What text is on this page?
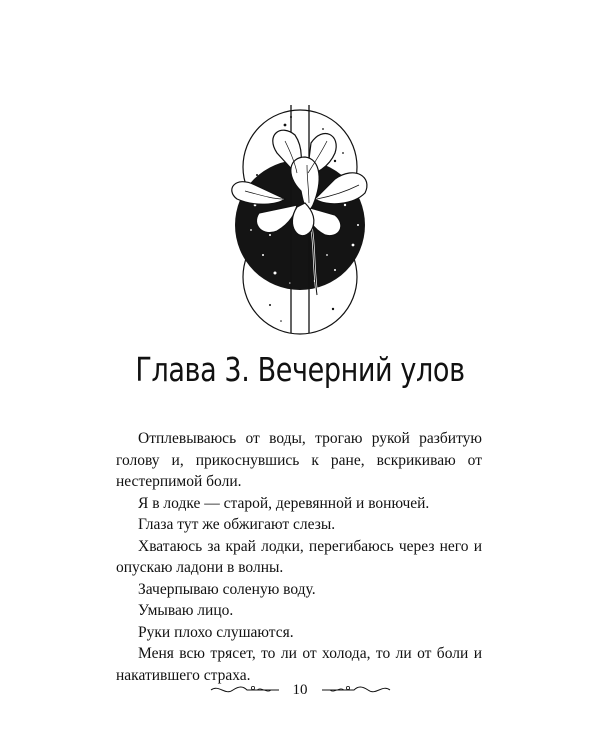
Глава 3. Вечерний улов

Отплевываюсь от воды, трогаю рукой разбитую голову и, прикоснувшись к ране, вскрикиваю от нестерпимой боли.

Я в лодке — старой, деревянной и вонючей.

Глаза тут же обжигают слезы.

Хватаюсь за край лодки, перегибаюсь через него и опускаю ладони в волны.

Зачерпываю соленую воду.

Умываю лицо.

Руки плохо слушаются.

Меня всю трясет, то ли от холода, то ли от боли и накатившего страха.

10
